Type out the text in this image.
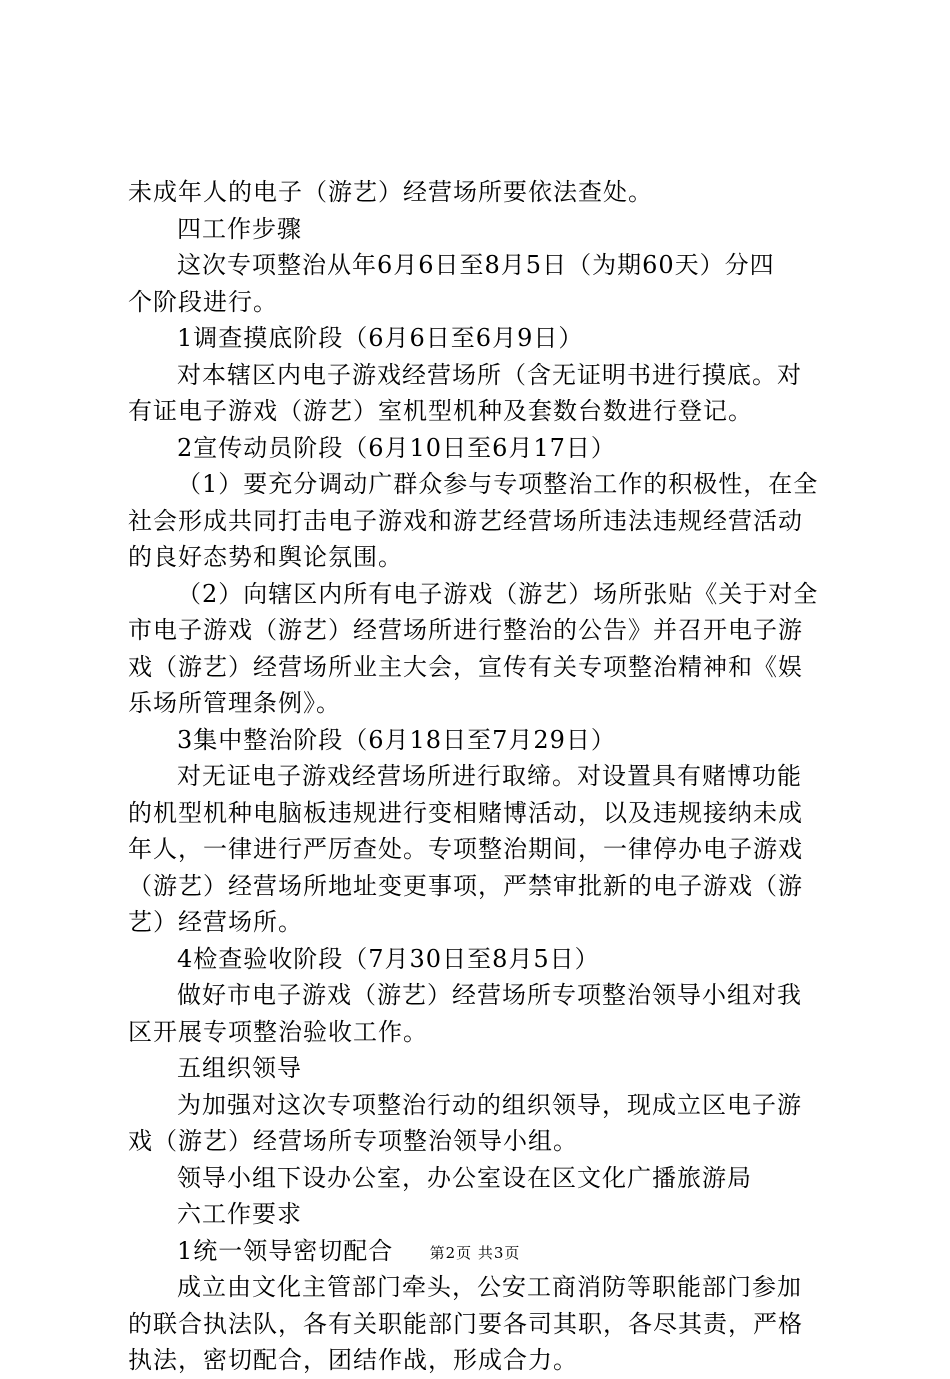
未成年人的电子（游艺）经营场所要依法查处。
四工作步骤
这次专项整治从年6月6日至8月5日（为期60天）分四
个阶段进行。
1调查摸底阶段（6月6日至6月9日）
对本辖区内电子游戏经营场所（含无证明书进行摸底。对
有证电子游戏（游艺）室机型机种及套数台数进行登记。
2宣传动员阶段（6月10日至6月17日）
（1）要充分调动广群众参与专项整治工作的积极性，在全
社会形成共同打击电子游戏和游艺经营场所违法违规经营活动
的良好态势和舆论氛围。
（2）向辖区内所有电子游戏（游艺）场所张贴《关于对全
市电子游戏（游艺）经营场所进行整治的公告》并召开电子游
戏（游艺）经营场所业主大会，宣传有关专项整治精神和《娱
乐场所管理条例》。
3集中整治阶段（6月18日至7月29日）
对无证电子游戏经营场所进行取缔。对设置具有赌博功能
的机型机种电脑板违规进行变相赌博活动，以及违规接纳未成
年人，一律进行严厉查处。专项整治期间，一律停办电子游戏
（游艺）经营场所地址变更事项，严禁审批新的电子游戏（游
艺）经营场所。
4检查验收阶段（7月30日至8月5日）
做好市电子游戏（游艺）经营场所专项整治领导小组对我
区开展专项整治验收工作。
五组织领导
为加强对这次专项整治行动的组织领导，现成立区电子游
戏（游艺）经营场所专项整治领导小组。
领导小组下设办公室，办公室设在区文化广播旅游局
六工作要求
1统一领导密切配合
成立由文化主管部门牵头，公安工商消防等职能部门参加
的联合执法队，各有关职能部门要各司其职，各尽其责，严格
执法，密切配合，团结作战，形成合力。
第2页 共3页
